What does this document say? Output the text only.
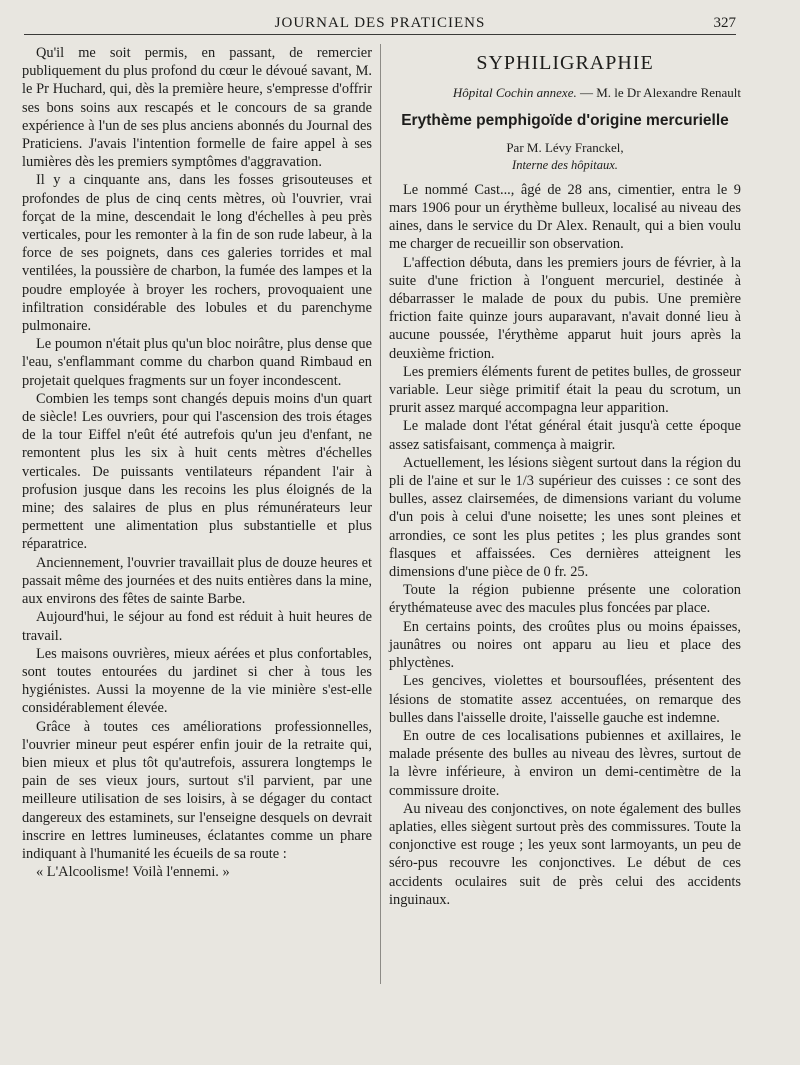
JOURNAL DES PRATICIENS	327

Qu'il me soit permis, en passant, de remercier publiquement du plus profond du cœur le dévoué savant, M. le Pr Huchard, qui, dès la première heure, s'empresse d'offrir ses bons soins aux rescapés et le concours de sa grande expérience à l'un de ses plus anciens abonnés du Journal des Praticiens. J'avais l'intention formelle de faire appel à ses lumières dès les premiers symptômes d'aggravation.

Il y a cinquante ans, dans les fosses grisouteuses et profondes de plus de cinq cents mètres, où l'ouvrier, vrai forçat de la mine, descendait le long d'échelles à peu près verticales, pour les remonter à la fin de son rude labeur, à la force de ses poignets, dans ces galeries torrides et mal ventilées, la poussière de charbon, la fumée des lampes et la poudre employée à broyer les rochers, provoquaient une infiltration considérable des lobules et du parenchyme pulmonaire.

Le poumon n'était plus qu'un bloc noirâtre, plus dense que l'eau, s'enflammant comme du charbon quand Rimbaud en projetait quelques fragments sur un foyer incondescent.

Combien les temps sont changés depuis moins d'un quart de siècle! Les ouvriers, pour qui l'ascension des trois étages de la tour Eiffel n'eût été autrefois qu'un jeu d'enfant, ne remontent plus les six à huit cents mètres d'échelles verticales. De puissants ventilateurs répandent l'air à profusion jusque dans les recoins les plus éloignés de la mine; des salaires de plus en plus rémunérateurs leur permettent une alimentation plus substantielle et plus réparatrice.

Anciennement, l'ouvrier travaillait plus de douze heures et passait même des journées et des nuits entières dans la mine, aux environs des fêtes de sainte Barbe.

Aujourd'hui, le séjour au fond est réduit à huit heures de travail.

Les maisons ouvrières, mieux aérées et plus confortables, sont toutes entourées du jardinet si cher à tous les hygiénistes. Aussi la moyenne de la vie minière s'est-elle considérablement élevée.

Grâce à toutes ces améliorations professionnelles, l'ouvrier mineur peut espérer enfin jouir de la retraite qui, bien mieux et plus tôt qu'autrefois, assurera longtemps le pain de ses vieux jours, surtout s'il parvient, par une meilleure utilisation de ses loisirs, à se dégager du contact dangereux des estaminets, sur l'enseigne desquels on devrait inscrire en lettres lumineuses, éclatantes comme un phare indiquant à l'humanité les écueils de sa route :

« L'Alcoolisme! Voilà l'ennemi. »

SYPHILIGRAPHIE
Hôpital Cochin annexe. — M. le Dr Alexandre Renault
Erythème pemphigoïde d'origine mercurielle
Par M. Lévy Franckel,
Interne des hôpitaux.

Le nommé Cast..., âgé de 28 ans, cimentier, entra le 9 mars 1906 pour un érythème bulleux, localisé au niveau des aines, dans le service du Dr Alex. Renault, qui a bien voulu me charger de recueillir son observation.

L'affection débuta, dans les premiers jours de février, à la suite d'une friction à l'onguent mercuriel, destinée à débarrasser le malade de poux du pubis. Une première friction faite quinze jours auparavant, n'avait donné lieu à aucune poussée, l'érythème apparut huit jours après la deuxième friction.

Les premiers éléments furent de petites bulles, de grosseur variable. Leur siège primitif était la peau du scrotum, un prurit assez marqué accompagna leur apparition.

Le malade dont l'état général était jusqu'à cette époque assez satisfaisant, commença à maigrir.

Actuellement, les lésions siègent surtout dans la région du pli de l'aine et sur le 1/3 supérieur des cuisses : ce sont des bulles, assez clairsemées, de dimensions variant du volume d'un pois à celui d'une noisette; les unes sont pleines et arrondies, ce sont les plus petites ; les plus grandes sont flasques et affaissées. Ces dernières atteignent les dimensions d'une pièce de 0 fr. 25.

Toute la région pubienne présente une coloration érythémateuse avec des macules plus foncées par place.

En certains points, des croûtes plus ou moins épaisses, jaunâtres ou noires ont apparu au lieu et place des phlyctènes.

Les gencives, violettes et boursouflées, présentent des lésions de stomatite assez accentuées, on remarque des bulles dans l'aisselle droite, l'aisselle gauche est indemne.

En outre de ces localisations pubiennes et axillaires, le malade présente des bulles au niveau des lèvres, surtout de la lèvre inférieure, à environ un demi-centimètre de la commissure droite.

Au niveau des conjonctives, on note également des bulles aplaties, elles siègent surtout près des commissures. Toute la conjonctive est rouge ; les yeux sont larmoyants, un peu de séro-pus recouvre les conjonctives. Le début de ces accidents oculaires suit de près celui des accidents inguinaux.
